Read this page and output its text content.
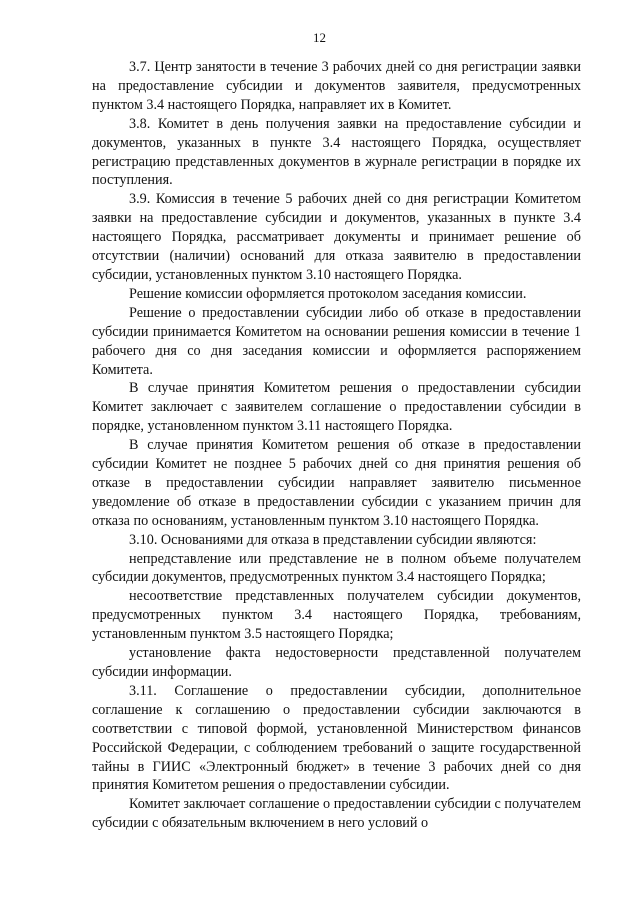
12

3.7. Центр занятости в течение 3 рабочих дней со дня регистрации заявки на предоставление субсидии и документов заявителя, предусмотренных пунктом 3.4 настоящего Порядка, направляет их в Комитет.

3.8. Комитет в день получения заявки на предоставление субсидии и документов, указанных в пункте 3.4 настоящего Порядка, осуществляет регистрацию представленных документов в журнале регистрации в порядке их поступления.

3.9. Комиссия в течение 5 рабочих дней со дня регистрации Комитетом заявки на предоставление субсидии и документов, указанных в пункте 3.4 настоящего Порядка, рассматривает документы и принимает решение об отсутствии (наличии) оснований для отказа заявителю в предоставлении субсидии, установленных пунктом 3.10 настоящего Порядка.

Решение комиссии оформляется протоколом заседания комиссии.

Решение о предоставлении субсидии либо об отказе в предоставлении субсидии принимается Комитетом на основании решения комиссии в течение 1 рабочего дня со дня заседания комиссии и оформляется распоряжением Комитета.

В случае принятия Комитетом решения о предоставлении субсидии Комитет заключает с заявителем соглашение о предоставлении субсидии в порядке, установленном пунктом 3.11 настоящего Порядка.

В случае принятия Комитетом решения об отказе в предоставлении субсидии Комитет не позднее 5 рабочих дней со дня принятия решения об отказе в предоставлении субсидии направляет заявителю письменное уведомление об отказе в предоставлении субсидии с указанием причин для отказа по основаниям, установленным пунктом 3.10 настоящего Порядка.

3.10. Основаниями для отказа в представлении субсидии являются:

непредставление или представление не в полном объеме получателем субсидии документов, предусмотренных пунктом 3.4 настоящего Порядка;

несоответствие представленных получателем субсидии документов, предусмотренных пунктом 3.4 настоящего Порядка, требованиям, установленным пунктом 3.5 настоящего Порядка;

установление факта недостоверности представленной получателем субсидии информации.

3.11. Соглашение о предоставлении субсидии, дополнительное соглашение к соглашению о предоставлении субсидии заключаются в соответствии с типовой формой, установленной Министерством финансов Российской Федерации, с соблюдением требований о защите государственной тайны в ГИИС «Электронный бюджет» в течение 3 рабочих дней со дня принятия Комитетом решения о предоставлении субсидии.

Комитет заключает соглашение о предоставлении субсидии с получателем субсидии с обязательным включением в него условий о
